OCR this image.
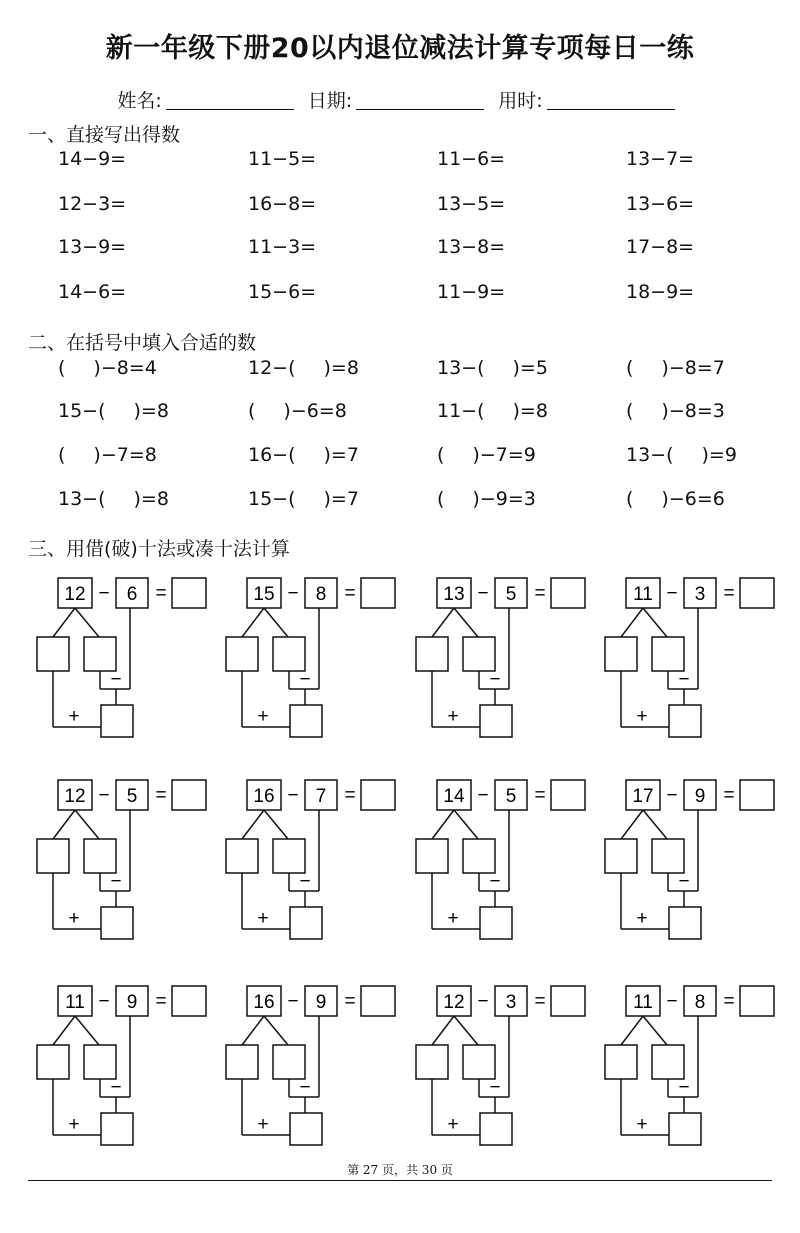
新一年级下册20以内退位减法计算专项每日一练
姓名:	日期:	用时:
一、直接写出得数
14−9=	11−5=	11−6=	13−7=
12−3=	16−8=	13−5=	13−6=
13−9=	11−3=	13−8=	17−8=
14−6=	15−6=	11−9=	18−9=
二、在括号中填入合适的数
( )−8=4	12−( )=8	13−( )=5	( )−8=7
15−( )=8	( )−6=8	11−( )=8	( )−8=3
( )−7=8	16−( )=7	( )−7=9	13−( )=9
13−( )=8	15−( )=7	( )−9=3	( )−6=6
三、用借(破)十法或凑十法计算
12 − 6 =
−
+
15 − 8 =
−
+
13 − 5 =
−
+
11 − 3 =
−
+
12 − 5 =
−
+
16 − 7 =
−
+
14 − 5 =
−
+
17 − 9 =
−
+
11 − 9 =
−
+
16 − 9 =
−
+
12 − 3 =
−
+
11 − 8 =
−
+
第 27 页，共 30 页
